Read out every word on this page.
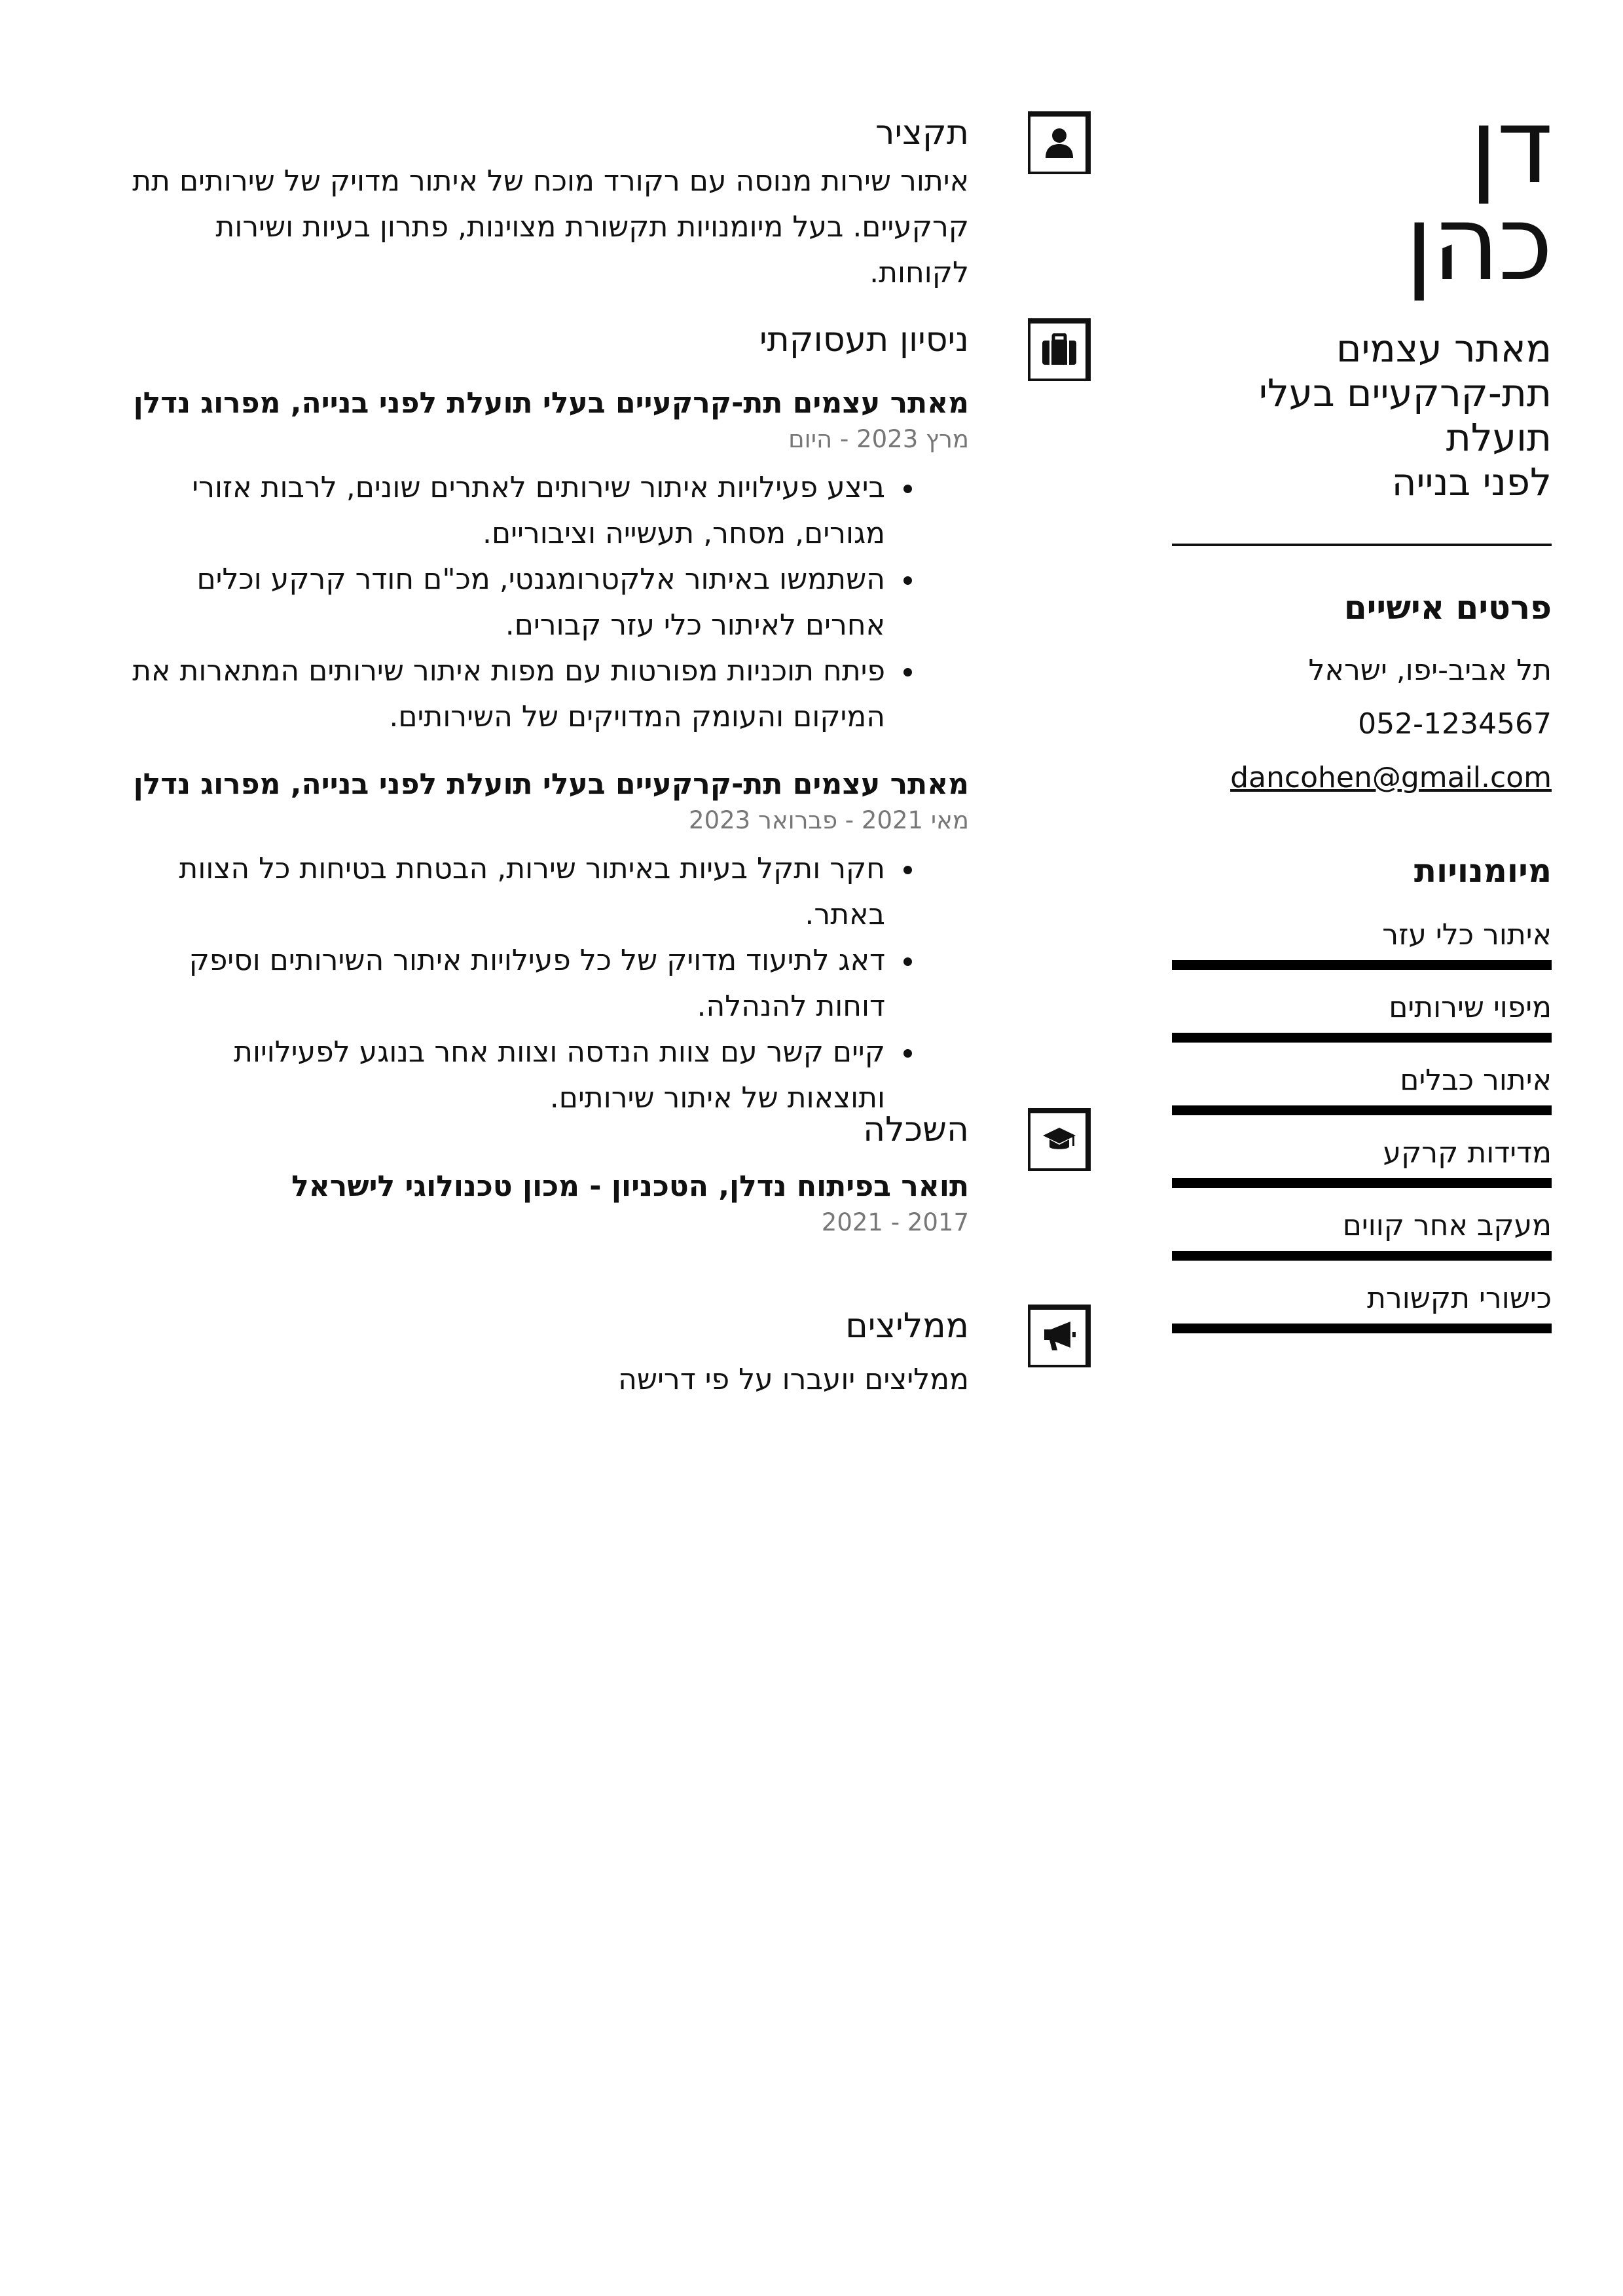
דן
כהן
מאתר עצמים
תת-קרקעיים בעלי תועלת
לפני בנייה
פרטים אישיים
תל אביב-יפו, ישראל
052-1234567
dancohen@gmail.com
מיומנויות
איתור כלי עזר
מיפוי שירותים
איתור כבלים
מדידות קרקע
מעקב אחר קווים
כישורי תקשורת
תקציר
איתור שירות מנוסה עם רקורד מוכח של איתור מדויק של שירותים תת קרקעיים. בעל מיומנויות תקשורת מצוינות, פתרון בעיות ושירות לקוחות.
ניסיון תעסוקתי
מאתר עצמים תת-קרקעיים בעלי תועלת לפני בנייה, מפרוג נדלן
מרץ 2023 - היום
• ביצע פעילויות איתור שירותים לאתרים שונים, לרבות אזורי מגורים, מסחר, תעשייה וציבוריים.
• השתמשו באיתור אלקטרומגנטי, מכ"ם חודר קרקע וכלים אחרים לאיתור כלי עזר קבורים.
• פיתח תוכניות מפורטות עם מפות איתור שירותים המתארות את המיקום והעומק המדויקים של השירותים.
מאתר עצמים תת-קרקעיים בעלי תועלת לפני בנייה, מפרוג נדלן
מאי 2021 - פברואר 2023
• חקר ותקל בעיות באיתור שירות, הבטחת בטיחות כל הצוות באתר.
• דאג לתיעוד מדויק של כל פעילויות איתור השירותים וסיפק דוחות להנהלה.
• קיים קשר עם צוות הנדסה וצוות אחר בנוגע לפעילויות ותוצאות של איתור שירותים.
השכלה
תואר בפיתוח נדלן, הטכניון - מכון טכנולוגי לישראל
2017 - 2021
ממליצים
ממליצים יועברו על פי דרישה
